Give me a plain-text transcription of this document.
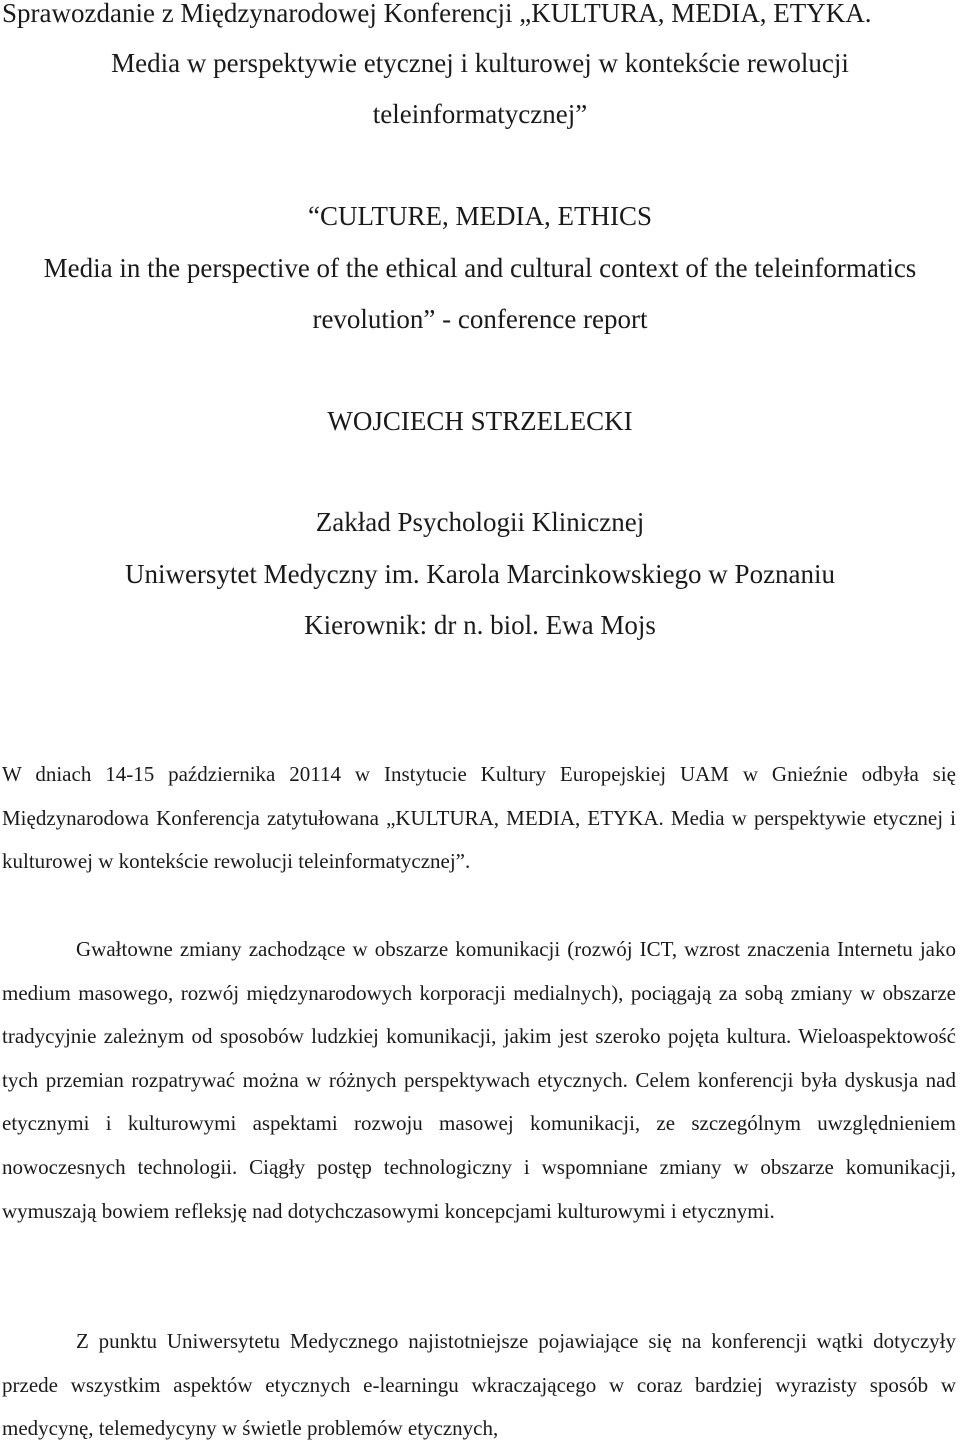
Sprawozdanie z Międzynarodowej Konferencji „KULTURA, MEDIA, ETYKA.
Media w perspektywie etycznej i kulturowej w kontekście rewolucji
teleinformatycznej”
“CULTURE, MEDIA, ETHICS
Media in the perspective of the ethical and cultural context of the teleinformatics
revolution” - conference report
WOJCIECH STRZELECKI
Zakład Psychologii Klinicznej
Uniwersytet Medyczny im. Karola Marcinkowskiego w Poznaniu
Kierownik: dr n. biol. Ewa Mojs

W dniach 14-15 października 20114 w Instytucie Kultury Europejskiej UAM w Gnieźnie odbyła się Międzynarodowa Konferencja zatytułowana „KULTURA, MEDIA, ETYKA. Media w perspektywie etycznej i kulturowej w kontekście rewolucji teleinformatycznej”.

Gwałtowne zmiany zachodzące w obszarze komunikacji (rozwój ICT, wzrost znaczenia Internetu jako medium masowego, rozwój międzynarodowych korporacji medialnych), pociągają za sobą zmiany w obszarze tradycyjnie zależnym od sposobów ludzkiej komunikacji, jakim jest szeroko pojęta kultura. Wieloaspektowość tych przemian rozpatrywać można w różnych perspektywach etycznych. Celem konferencji była dyskusja nad etycznymi i kulturowymi aspektami rozwoju masowej komunikacji, ze szczególnym uwzględnieniem nowoczesnych technologii. Ciągły postęp technologiczny i wspomniane zmiany w obszarze komunikacji, wymuszają bowiem refleksję nad dotychczasowymi koncepcjami kulturowymi i etycznymi.

Z punktu Uniwersytetu Medycznego najistotniejsze pojawiające się na konferencji wątki dotyczyły przede wszystkim aspektów etycznych e-learningu wkraczającego w coraz bardziej wyrazisty sposób w medycynę, telemedycyny w świetle problemów etycznych,
